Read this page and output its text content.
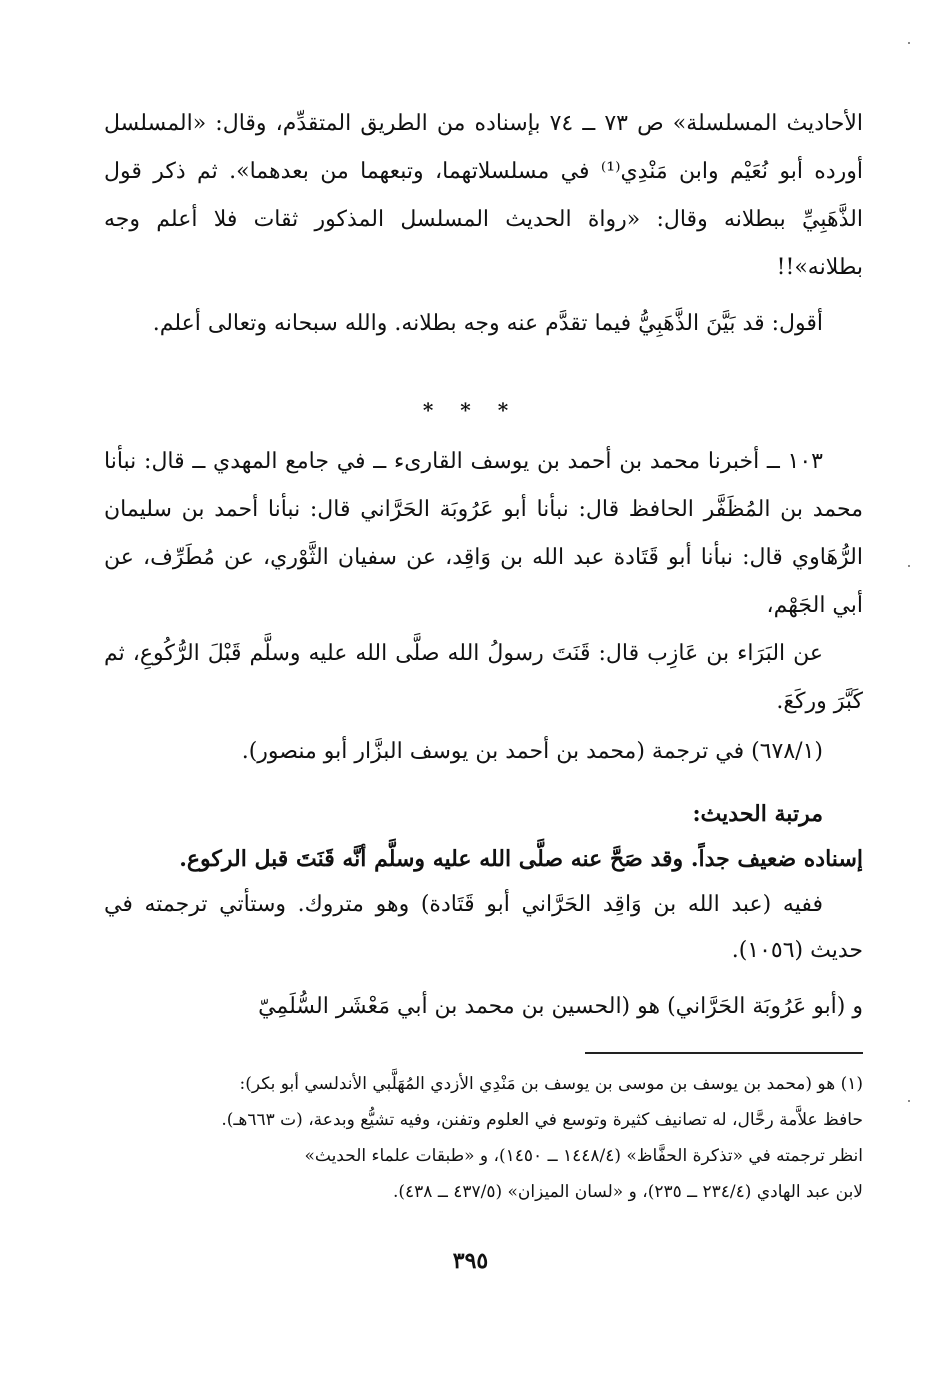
الأحاديث المسلسلة» ص ٧٣ ــ ٧٤ بإسناده من الطريق المتقدِّم، وقال: «المسلسل أورده أبو نُعَيْم وابن مَنْدِي⁽¹⁾ في مسلسلاتهما، وتبعهما من بعدهما». ثم ذكر قول الذَّهَبِيِّ ببطلانه وقال: «رواة الحديث المسلسل المذكور ثقات فلا أعلم وجه بطلانه»!!

أقول: قد بَيَّنَ الذَّهَبِيُّ فيما تقدَّم عنه وجه بطلانه. والله سبحانه وتعالى أعلم.

* * *

١٠٣ ــ أخبرنا محمد بن أحمد بن يوسف القارىء ــ في جامع المهدي ــ قال: نبأنا محمد بن المُظَفَّر الحافظ قال: نبأنا أبو عَرُوبَة الحَرَّاني قال: نبأنا أحمد بن سليمان الرُّهَاوي قال: نبأنا أبو قَتَادة عبد الله بن وَاقِد، عن سفيان الثَّوْري، عن مُطَرِّف، عن أبي الجَهْم،

عن البَرَاء بن عَازِب قال: قَنَتَ رسولُ الله صلَّى الله عليه وسلَّم قَبْلَ الرُّكُوعِ، ثم كَبَّرَ وركَعَ.

(٦٧٨/١) في ترجمة (محمد بن أحمد بن يوسف البزَّار أبو منصور).

مرتبة الحديث:

إسناده ضعيف جداً. وقد صَحَّ عنه صلَّى الله عليه وسلَّم أنَّه قَنَتَ قبل الركوع.

ففيه (عبد الله بن وَاقِد الحَرَّاني أبو قَتَادة) وهو متروك. وستأتي ترجمته في حديث (١٠٥٦).

و (أبو عَرُوبَة الحَرَّاني) هو (الحسين بن محمد بن أبي مَعْشَر السُّلَمِيّ

(١) هو (محمد بن يوسف بن موسى بن يوسف بن مَنْدِي الأزدي المُهَلَّبي الأندلسي أبو بكر):

حافظ علاَّمة رحَّال، له تصانيف كثيرة وتوسع في العلوم وتفنن، وفيه تشيُّع وبدعة، (ت ٦٦٣هـ).

انظر ترجمته في «تذكرة الحفَّاظ» (١٤٤٨/٤ ــ ١٤٥٠)، و «طبقات علماء الحديث»

لابن عبد الهادي (٢٣٤/٤ ــ ٢٣٥)، و «لسان الميزان» (٤٣٧/٥ ــ ٤٣٨).

٣٩٥
